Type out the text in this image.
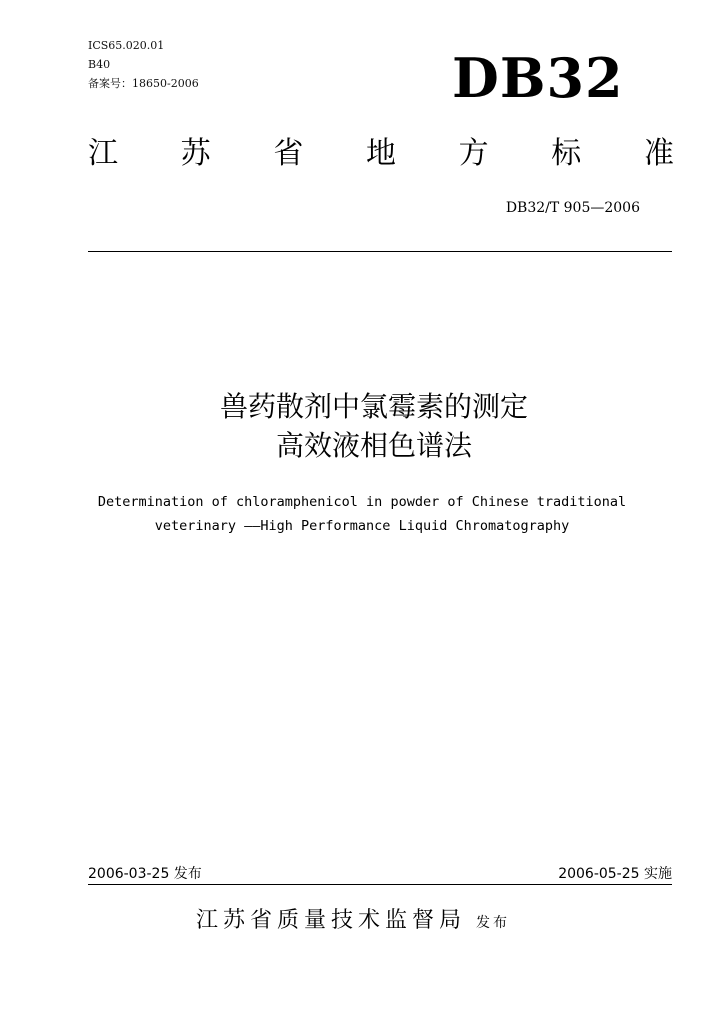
ICS65.020.01
B40
备案号：18650-2006	DB32
江 苏 省 地 方 标 准
DB32/T 905—2006
兽药散剂中氯霉素的测定
高效液相色谱法
Determination of chloramphenicol in powder of Chinese traditional
veterinary ——High Performance Liquid Chromatography
2006-03-25 发布	2006-05-25 实施
江苏省质量技术监督局 发布
